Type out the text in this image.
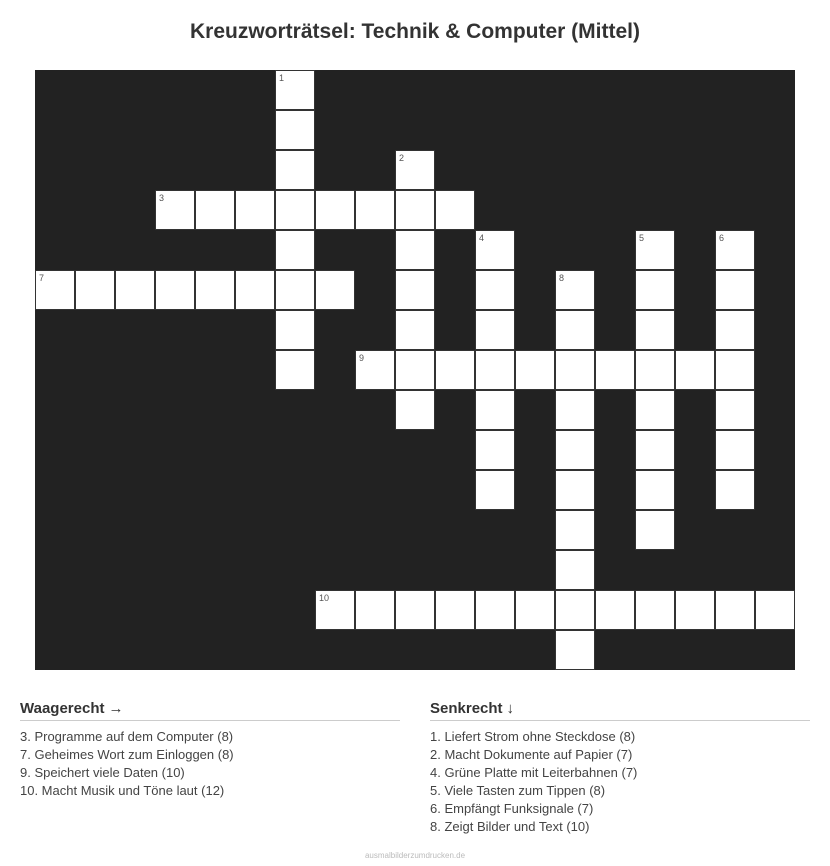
Kreuzworträtsel: Technik & Computer (Mittel)
3
7
9
10
1
2
4	5	6
8
Waagerecht →
3. Programme auf dem Computer (8)
7. Geheimes Wort zum Einloggen (8)
9. Speichert viele Daten (10)
10. Macht Musik und Töne laut (12)
Senkrecht ↓
1. Liefert Strom ohne Steckdose (8)
2. Macht Dokumente auf Papier (7)
4. Grüne Platte mit Leiterbahnen (7)
5. Viele Tasten zum Tippen (8)
6. Empfängt Funksignale (7)
8. Zeigt Bilder und Text (10)
ausmalbilderzumdrucken.de
